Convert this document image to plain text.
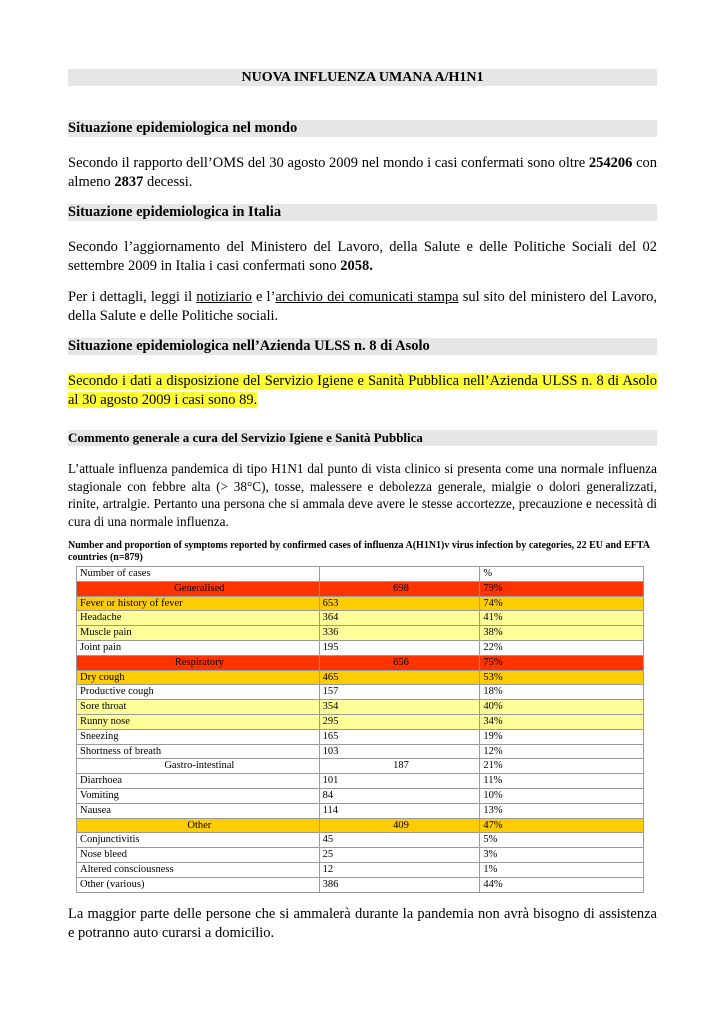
NUOVA INFLUENZA UMANA A/H1N1
Situazione epidemiologica nel mondo
Secondo il rapporto dell’OMS del 30 agosto 2009 nel mondo i casi confermati sono oltre 254206 con almeno 2837 decessi.
Situazione epidemiologica in Italia
Secondo l’aggiornamento del Ministero del Lavoro, della Salute e delle Politiche Sociali del 02 settembre 2009 in Italia i casi confermati sono 2058.
Per i dettagli, leggi il notiziario e l’archivio dei comunicati stampa sul sito del ministero del Lavoro, della Salute e delle Politiche sociali.
Situazione epidemiologica nell’Azienda ULSS n. 8 di Asolo
Secondo i dati a disposizione del Servizio Igiene e Sanità Pubblica nell’Azienda ULSS n. 8 di Asolo al 30 agosto 2009 i casi sono 89.
Commento generale a cura del Servizio Igiene e Sanità Pubblica
L’attuale influenza pandemica di tipo H1N1 dal punto di vista clinico si presenta come una normale influenza stagionale con febbre alta (> 38°C), tosse, malessere e debolezza generale, mialgie o dolori generalizzati, rinite, artralgie. Pertanto una persona che si ammala deve avere le stesse accortezze, precauzione e necessità di cura di una normale influenza.
Number and proportion of symptoms reported by confirmed cases of influenza A(H1N1)v virus infection by categories, 22 EU and EFTA countries (n=879)
Number of cases		%
Generalised	698	79%
Fever or history of fever	653	74%
Headache	364	41%
Muscle pain	336	38%
Joint pain	195	22%
Respiratory	656	75%
Dry cough	465	53%
Productive cough	157	18%
Sore throat	354	40%
Runny nose	295	34%
Sneezing	165	19%
Shortness of breath	103	12%
Gastro-intestinal	187	21%
Diarrhoea	101	11%
Vomiting	84	10%
Nausea	114	13%
Other	409	47%
Conjunctivitis	45	5%
Nose bleed	25	3%
Altered consciousness	12	1%
Other (various)	386	44%
La maggior parte delle persone che si ammalerà durante la pandemia non avrà bisogno di assistenza e potranno auto curarsi a domicilio.
